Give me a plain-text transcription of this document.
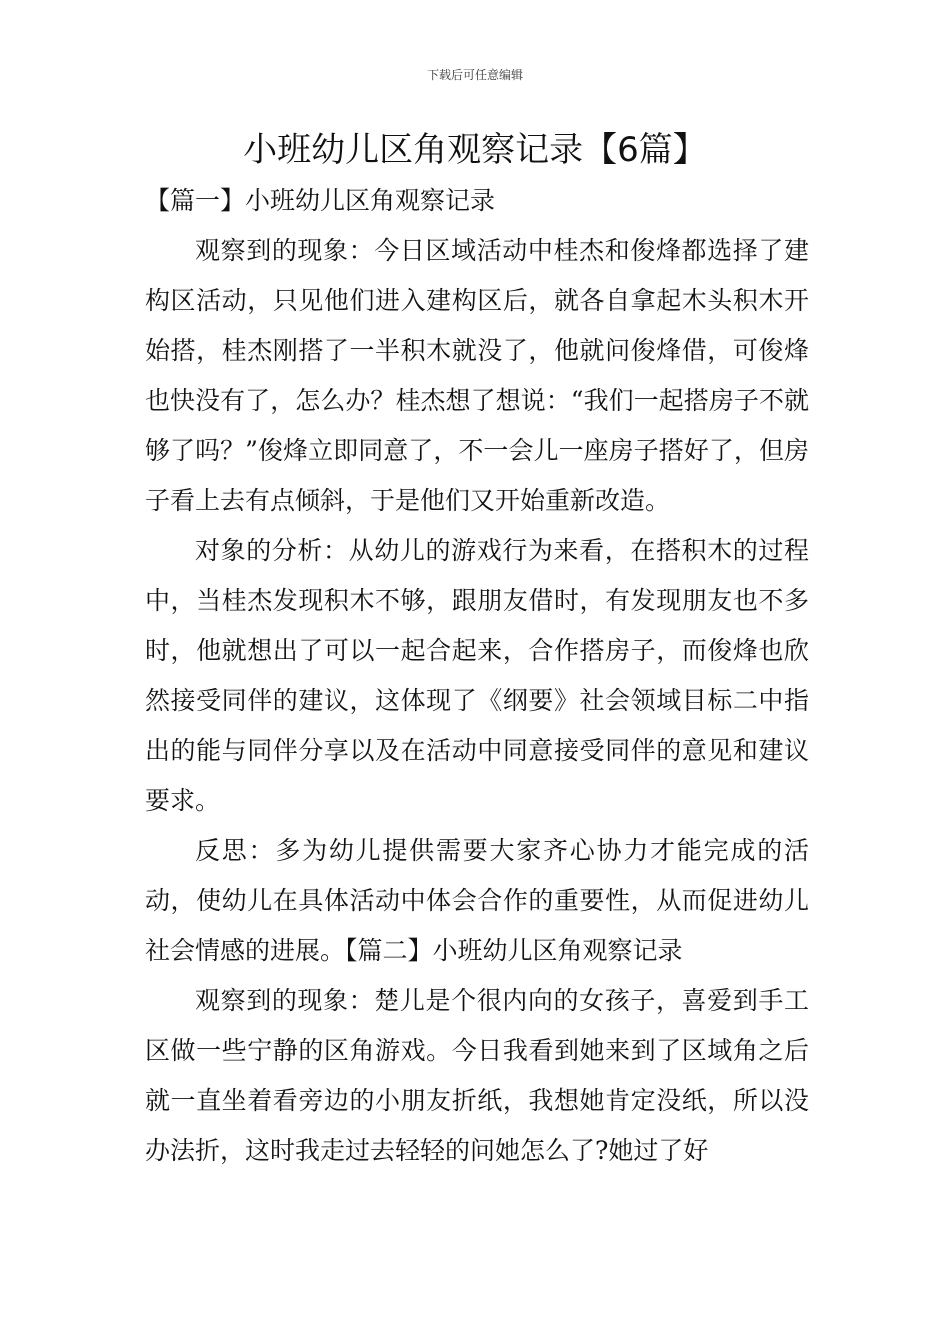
下载后可任意编辑
小班幼儿区角观察记录【6篇】
【篇一】小班幼儿区角观察记录

观察到的现象：今日区域活动中桂杰和俊烽都选择了建构区活动，只见他们进入建构区后，就各自拿起木头积木开始搭，桂杰刚搭了一半积木就没了，他就问俊烽借，可俊烽也快没有了，怎么办？桂杰想了想说：“我们一起搭房子不就够了吗？”俊烽立即同意了，不一会儿一座房子搭好了，但房子看上去有点倾斜，于是他们又开始重新改造。

对象的分析：从幼儿的游戏行为来看，在搭积木的过程中，当桂杰发现积木不够，跟朋友借时，有发现朋友也不多时，他就想出了可以一起合起来，合作搭房子，而俊烽也欣然接受同伴的建议，这体现了《纲要》社会领域目标二中指出的能与同伴分享以及在活动中同意接受同伴的意见和建议要求。

反思：多为幼儿提供需要大家齐心协力才能完成的活动，使幼儿在具体活动中体会合作的重要性，从而促进幼儿社会情感的进展。【篇二】小班幼儿区角观察记录

观察到的现象：楚儿是个很内向的女孩子，喜爱到手工区做一些宁静的区角游戏。今日我看到她来到了区域角之后就一直坐着看旁边的小朋友折纸，我想她肯定没纸，所以没办法折，这时我走过去轻轻的问她怎么了?她过了好
